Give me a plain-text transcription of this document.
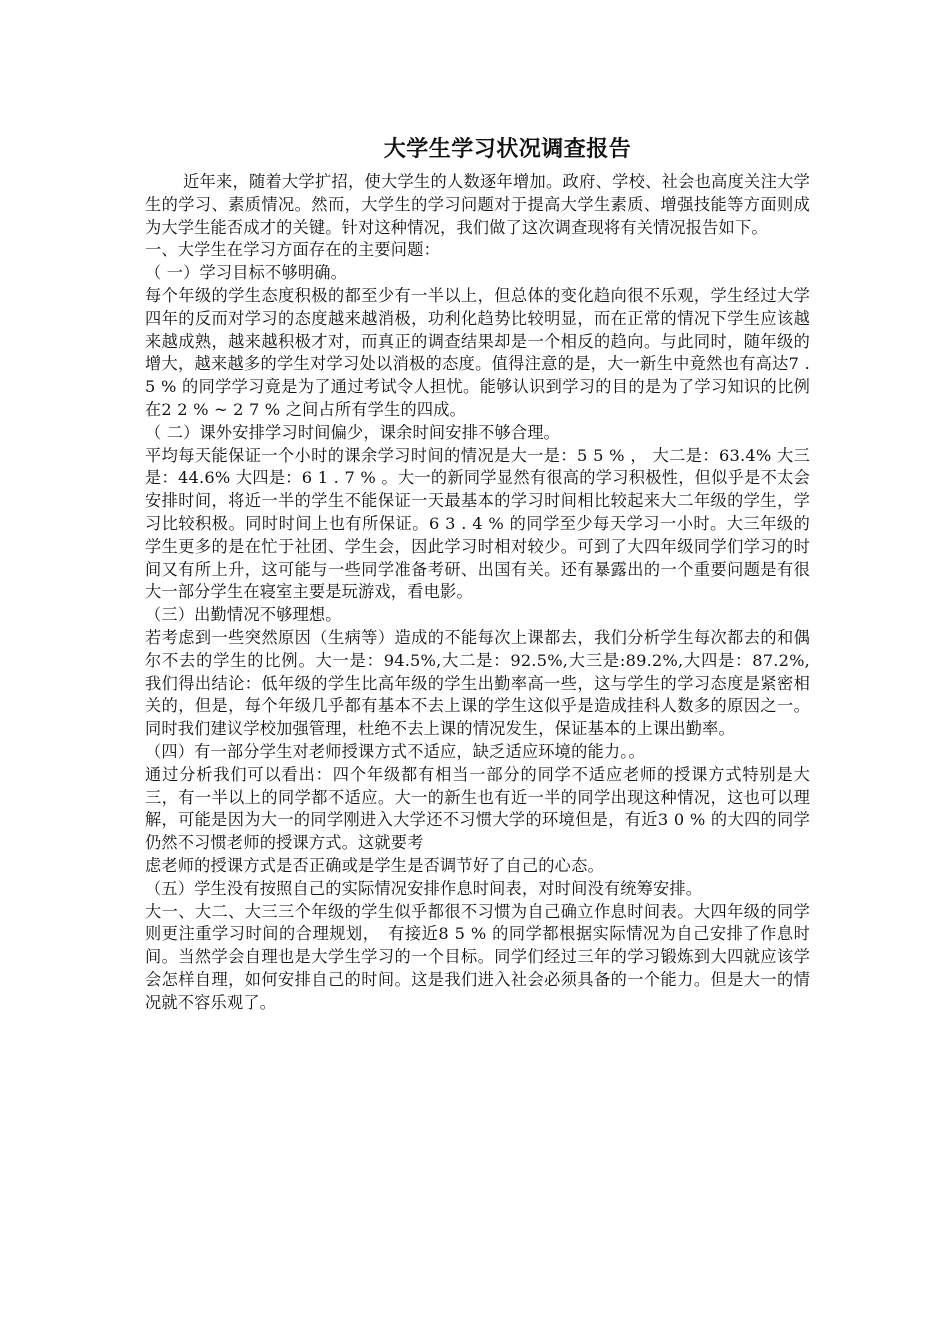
大学生学习状况调查报告

近年来，随着大学扩招，使大学生的人数逐年增加。政府、学校、社会也高度关注大学生的学习、素质情况。然而，大学生的学习问题对于提高大学生素质、增强技能等方面则成为大学生能否成才的关键。针对这种情况，我们做了这次调查现将有关情况报告如下。

一、大学生在学习方面存在的主要问题：

（ 一）学习目标不够明确。

每个年级的学生态度积极的都至少有一半以上，但总体的变化趋向很不乐观，学生经过大学四年的反而对学习的态度越来越消极，功利化趋势比较明显，而在正常的情况下学生应该越来越成熟，越来越积极才对，而真正的调查结果却是一个相反的趋向。与此同时，随年级的增大，越来越多的学生对学习处以消极的态度。值得注意的是，大一新生中竟然也有高达7 . 5 % 的同学学习竟是为了通过考试令人担忧。能够认识到学习的目的是为了学习知识的比例在2 2 % ~ 2 7 % 之间占所有学生的四成。

（ 二）课外安排学习时间偏少，课余时间安排不够合理。

平均每天能保证一个小时的课余学习时间的情况是大一是：5 5 % ， 大二是：63.4% 大三是：44.6% 大四是：6 1 . 7 % 。大一的新同学显然有很高的学习积极性，但似乎是不太会安排时间，将近一半的学生不能保证一天最基本的学习时间相比较起来大二年级的学生，学习比较积极。同时时间上也有所保证。6 3 . 4 % 的同学至少每天学习一小时。大三年级的学生更多的是在忙于社团、学生会，因此学习时相对较少。可到了大四年级同学们学习的时间又有所上升，这可能与一些同学准备考研、出国有关。还有暴露出的一个重要问题是有很大一部分学生在寝室主要是玩游戏，看电影。

（三）出勤情况不够理想。

若考虑到一些突然原因（生病等）造成的不能每次上课都去，我们分析学生每次都去的和偶尔不去的学生的比例。大一是：94.5%,大二是：92.5%,大三是:89.2%,大四是：87.2%, 我们得出结论：低年级的学生比高年级的学生出勤率高一些，这与学生的学习态度是紧密相关的，但是，每个年级几乎都有基本不去上课的学生这似乎是造成挂科人数多的原因之一。同时我们建议学校加强管理，杜绝不去上课的情况发生，保证基本的上课出勤率。

（四）有一部分学生对老师授课方式不适应，缺乏适应环境的能力。。

通过分析我们可以看出：四个年级都有相当一部分的同学不适应老师的授课方式特别是大三，有一半以上的同学都不适应。大一的新生也有近一半的同学出现这种情况，这也可以理解，可能是因为大一的同学刚进入大学还不习惯大学的环境但是，有近3 0 % 的大四的同学仍然不习惯老师的授课方式。这就要考

虑老师的授课方式是否正确或是学生是否调节好了自己的心态。

（五）学生没有按照自己的实际情况安排作息时间表，对时间没有统筹安排。

大一、大二、大三三个年级的学生似乎都很不习惯为自己确立作息时间表。大四年级的同学则更注重学习时间的合理规划，　有接近8 5 % 的同学都根据实际情况为自己安排了作息时间。当然学会自理也是大学生学习的一个目标。同学们经过三年的学习锻炼到大四就应该学会怎样自理，如何安排自己的时间。这是我们进入社会必须具备的一个能力。但是大一的情况就不容乐观了。
